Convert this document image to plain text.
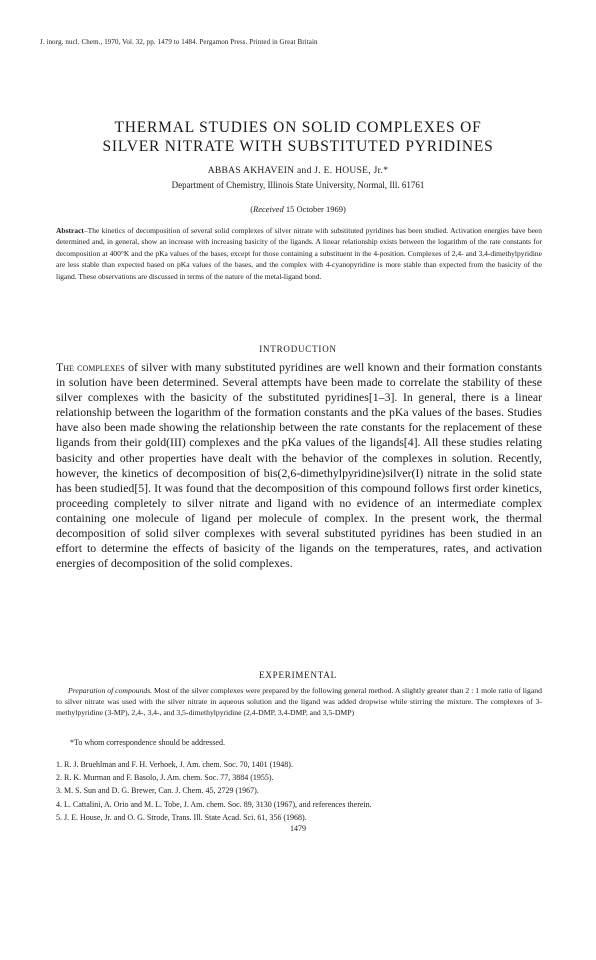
J. inorg. nucl. Chem., 1970, Vol. 32, pp. 1479 to 1484. Pergamon Press. Printed in Great Britain
THERMAL STUDIES ON SOLID COMPLEXES OF
SILVER NITRATE WITH SUBSTITUTED PYRIDINES
ABBAS AKHAVEIN and J. E. HOUSE, Jr.*
Department of Chemistry, Illinois State University, Normal, Ill. 61761
(Received 15 October 1969)
Abstract–The kinetics of decomposition of several solid complexes of silver nitrate with substituted pyridines has been studied. Activation energies have been determined and, in general, show an increase with increasing basicity of the ligands. A linear relationship exists between the logarithm of the rate constants for decomposition at 400°K and the pKa values of the bases, except for those containing a substituent in the 4-position. Complexes of 2,4- and 3,4-dimethylpyridine are less stable than expected based on pKa values of the bases, and the complex with 4-cyanopyridine is more stable than expected from the basicity of the ligand. These observations are discussed in terms of the nature of the metal-ligand bond.
INTRODUCTION
The complexes of silver with many substituted pyridines are well known and their formation constants in solution have been determined. Several attempts have been made to correlate the stability of these silver complexes with the basicity of the substituted pyridines[1–3]. In general, there is a linear relationship between the logarithm of the formation constants and the pKa values of the bases. Studies have also been made showing the relationship between the rate constants for the replacement of these ligands from their gold(III) complexes and the pKa values of the ligands[4]. All these studies relating basicity and other properties have dealt with the behavior of the complexes in solution. Recently, however, the kinetics of decomposition of bis(2,6-dimethylpyridine)silver(I) nitrate in the solid state has been studied[5]. It was found that the decomposition of this compound follows first order kinetics, proceeding completely to silver nitrate and ligand with no evidence of an intermediate complex containing one molecule of ligand per molecule of complex. In the present work, the thermal decomposition of solid silver complexes with several substituted pyridines has been studied in an effort to determine the effects of basicity of the ligands on the temperatures, rates, and activation energies of decomposition of the solid complexes.
EXPERIMENTAL
Preparation of compounds. Most of the silver complexes were prepared by the following general method. A slightly greater than 2 : 1 mole ratio of ligand to silver nitrate was used with the silver nitrate in aqueous solution and the ligand was added dropwise while stirring the mixture. The complexes of 3-methylpyridine (3-MP), 2,4-, 3,4-, and 3,5-dimethylpyridine (2,4-DMP, 3,4-DMP, and 3,5-DMP)
*To whom correspondence should be addressed.
1. R. J. Bruehlman and F. H. Verhoek, J. Am. chem. Soc. 70, 1401 (1948).
2. R. K. Murman and F. Basolo, J. Am. chem. Soc. 77, 3884 (1955).
3. M. S. Sun and D. G. Brewer, Can. J. Chem. 45, 2729 (1967).
4. L. Cattalini, A. Orio and M. L. Tobe, J. Am. chem. Soc. 89, 3130 (1967), and references therein.
5. J. E. House, Jr. and O. G. Strode, Trans. Ill. State Acad. Sci. 61, 356 (1968).
1479
